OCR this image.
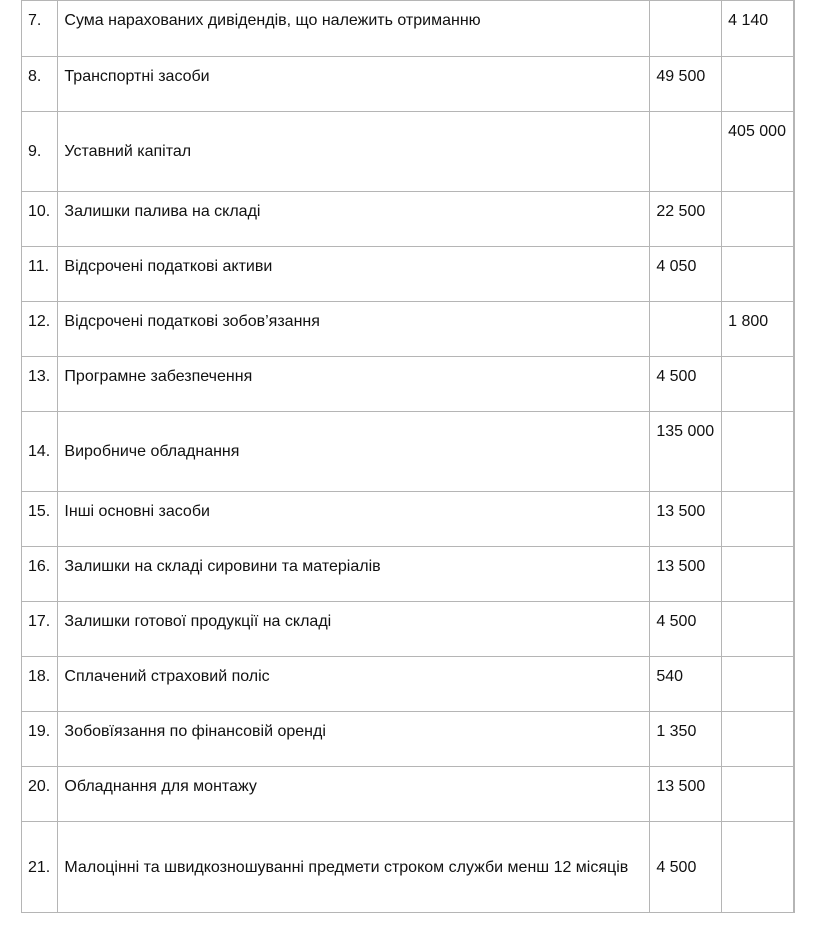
7.	Сума нарахованих дивідендів, що належить отриманню		4 140	
8.	Транспортні засоби	49 500		
9.	Уставний капітал		405 000	
10.	Залишки палива на складі	22 500		
11.	Відсрочені податкові активи	4 050		
12.	Відсрочені податкові зобов’язання		1 800	
13.	Програмне забезпечення	4 500		
14.	Виробниче обладнання	135 000		
15.	Інші основні засоби	13 500		
16.	Залишки на складі сировини та матеріалів	13 500		
17.	Залишки готової продукції на складі	4 500		
18.	Сплачений страховий поліс	540		
19.	Зобовїязання по фінансовій оренді	1 350		
20.	Обладнання для монтажу	13 500		
21.	Малоцінні та швидкозношуванні предмети строком служби менш 12 місяців	4 500		
